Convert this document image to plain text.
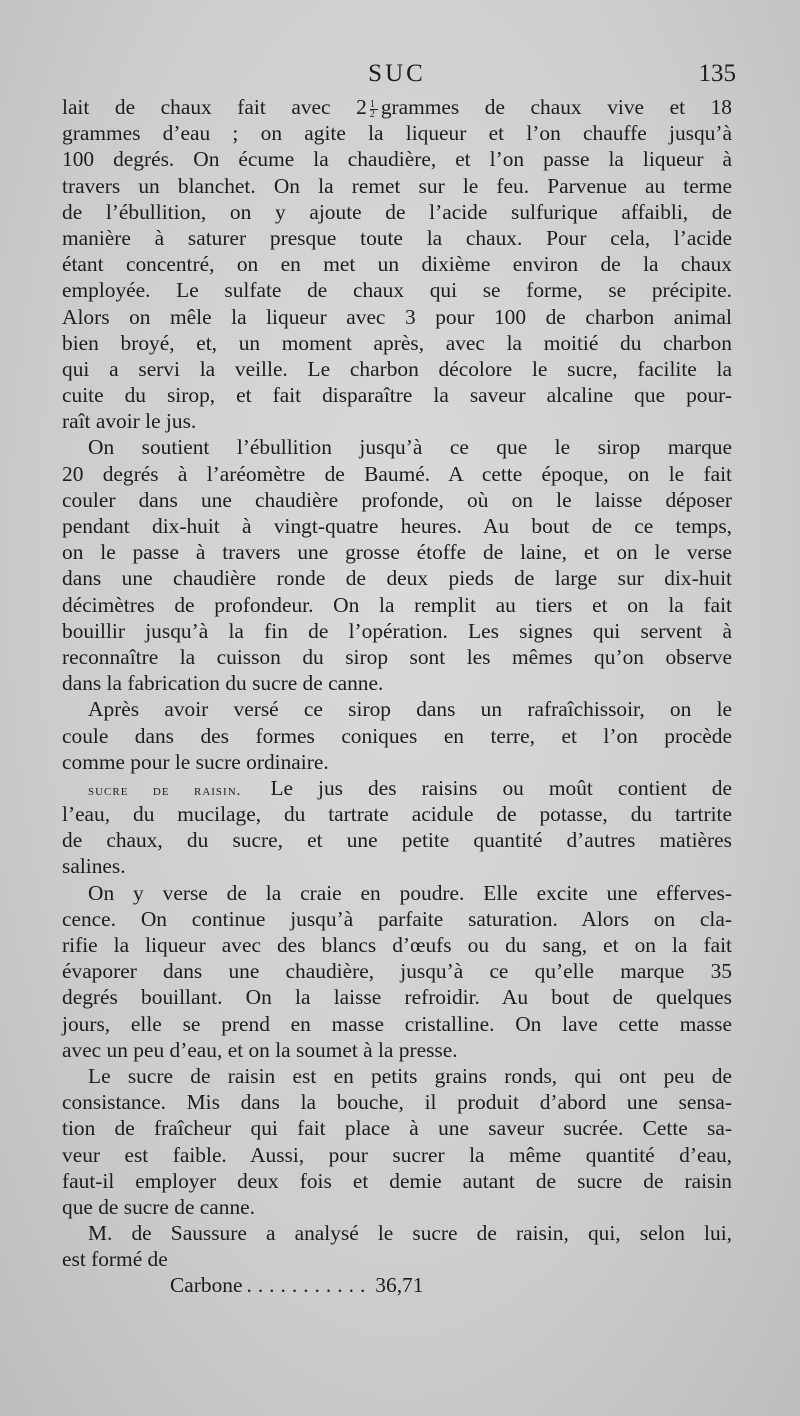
SUC	135
lait de chaux fait avec $2 \frac{1}{2}$ grammes de chaux vive et 18
grammes d’eau ; on agite la liqueur et l’on chauffe jusqu’à
100 degrés. On écume la chaudière, et l’on passe la liqueur à
travers un blanchet. On la remet sur le feu. Parvenue au terme
de l’ébullition, on y ajoute de l’acide sulfurique affaibli, de
manière à saturer presque toute la chaux. Pour cela, l’acide
étant concentré, on en met un dixième environ de la chaux
employée. Le sulfate de chaux qui se forme, se précipite.
Alors on mêle la liqueur avec 3 pour 100 de charbon animal
bien broyé, et, un moment après, avec la moitié du charbon
qui a servi la veille. Le charbon décolore le sucre, facilite la
cuite du sirop, et fait disparaître la saveur alcaline que pour-
raît avoir le jus.
On soutient l’ébullition jusqu’à ce que le sirop marque
20 degrés à l’aréomètre de Baumé. A cette époque, on le fait
couler dans une chaudière profonde, où on le laisse déposer
pendant dix-huit à vingt-quatre heures. Au bout de ce temps,
on le passe à travers une grosse étoffe de laine, et on le verse
dans une chaudière ronde de deux pieds de large sur dix-huit
décimètres de profondeur. On la remplit au tiers et on la fait
bouillir jusqu’à la fin de l’opération. Les signes qui servent à
reconnaître la cuisson du sirop sont les mêmes qu’on observe
dans la fabrication du sucre de canne.
Après avoir versé ce sirop dans un rafraîchissoir, on le
coule dans des formes coniques en terre, et l’on procède
comme pour le sucre ordinaire.
sucre de raisin. Le jus des raisins ou moût contient de
l’eau, du mucilage, du tartrate acidule de potasse, du tartrite
de chaux, du sucre, et une petite quantité d’autres matières
salines.
On y verse de la craie en poudre. Elle excite une efferves-
cence. On continue jusqu’à parfaite saturation. Alors on cla-
rifie la liqueur avec des blancs d’œufs ou du sang, et on la fait
évaporer dans une chaudière, jusqu’à ce qu’elle marque 35
degrés bouillant. On la laisse refroidir. Au bout de quelques
jours, elle se prend en masse cristalline. On lave cette masse
avec un peu d’eau, et on la soumet à la presse.
Le sucre de raisin est en petits grains ronds, qui ont peu de
consistance. Mis dans la bouche, il produit d’abord une sensa-
tion de fraîcheur qui fait place à une saveur sucrée. Cette sa-
veur est faible. Aussi, pour sucrer la même quantité d’eau,
faut-il employer deux fois et demie autant de sucre de raisin
que de sucre de canne.
M. de Saussure a analysé le sucre de raisin, qui, selon lui,
est formé de
Carbone ........... 36,71
